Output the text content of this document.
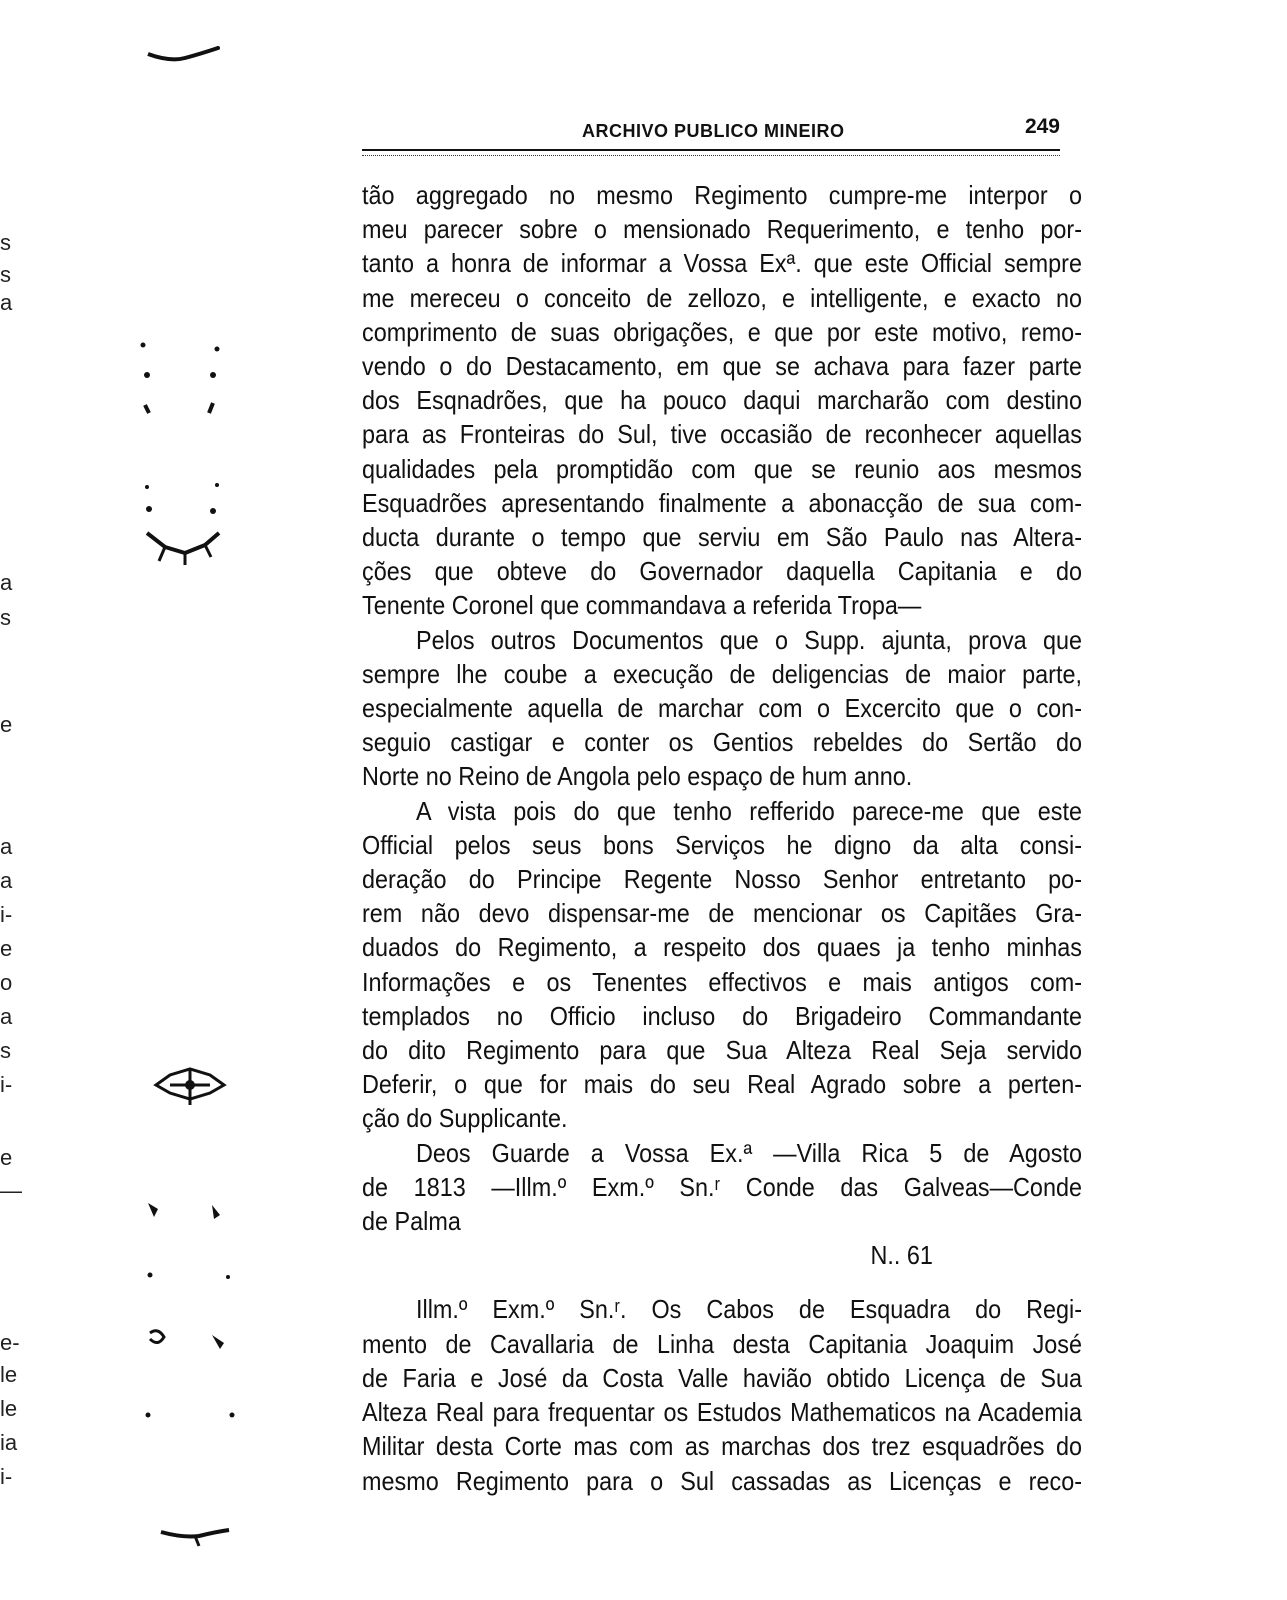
s
s
a
a
s
e
a
a
i-
e
o
a
s
i-
e
—
e-
le
le
ia
i-
ARCHIVO PUBLICO MINEIRO	249
tão aggregado no mesmo Regimento cumpre-me interpor o
meu parecer sobre o mensionado Requerimento, e tenho por-
tanto a honra de informar a Vossa Exª. que este Official sempre
me mereceu o conceito de zellozo, e intelligente, e exacto no
comprimento de suas obrigações, e que por este motivo, remo-
vendo o do Destacamento, em que se achava para fazer parte
dos Esqnadrões, que ha pouco daqui marcharão com destino
para as Fronteiras do Sul, tive occasião de reconhecer aquellas
qualidades pela promptidão com que se reunio aos mesmos
Esquadrões apresentando finalmente a abonacção de sua com-
ducta durante o tempo que serviu em São Paulo nas Altera-
ções que obteve do Governador daquella Capitania e do
Tenente Coronel que commandava a referida Tropa—
Pelos outros Documentos que o Supp. ajunta, prova que
sempre lhe coube a execução de deligencias de maior parte,
especialmente aquella de marchar com o Excercito que o con-
seguio castigar e conter os Gentios rebeldes do Sertão do
Norte no Reino de Angola pelo espaço de hum anno.
A vista pois do que tenho refferido parece-me que este
Official pelos seus bons Serviços he digno da alta consi-
deração do Principe Regente Nosso Senhor entretanto po-
rem não devo dispensar-me de mencionar os Capitães Gra-
duados do Regimento, a respeito dos quaes ja tenho minhas
Informações e os Tenentes effectivos e mais antigos com-
templados no Officio incluso do Brigadeiro Commandante
do dito Regimento para que Sua Alteza Real Seja servido
Deferir, o que for mais do seu Real Agrado sobre a perten-
ção do Supplicante.
Deos Guarde a Vossa Ex.ª —Villa Rica 5 de Agosto
de 1813 —Illm.º Exm.º Sn.ʳ Conde das Galveas—Conde
de Palma
N.. 61
Illm.º Exm.º Sn.ʳ. Os Cabos de Esquadra do Regi-
mento de Cavallaria de Linha desta Capitania Joaquim José
de Faria e José da Costa Valle havião obtido Licença de Sua
Alteza Real para frequentar os Estudos Mathematicos na Academia
Militar desta Corte mas com as marchas dos trez esquadrões do
mesmo Regimento para o Sul cassadas as Licenças e reco-
